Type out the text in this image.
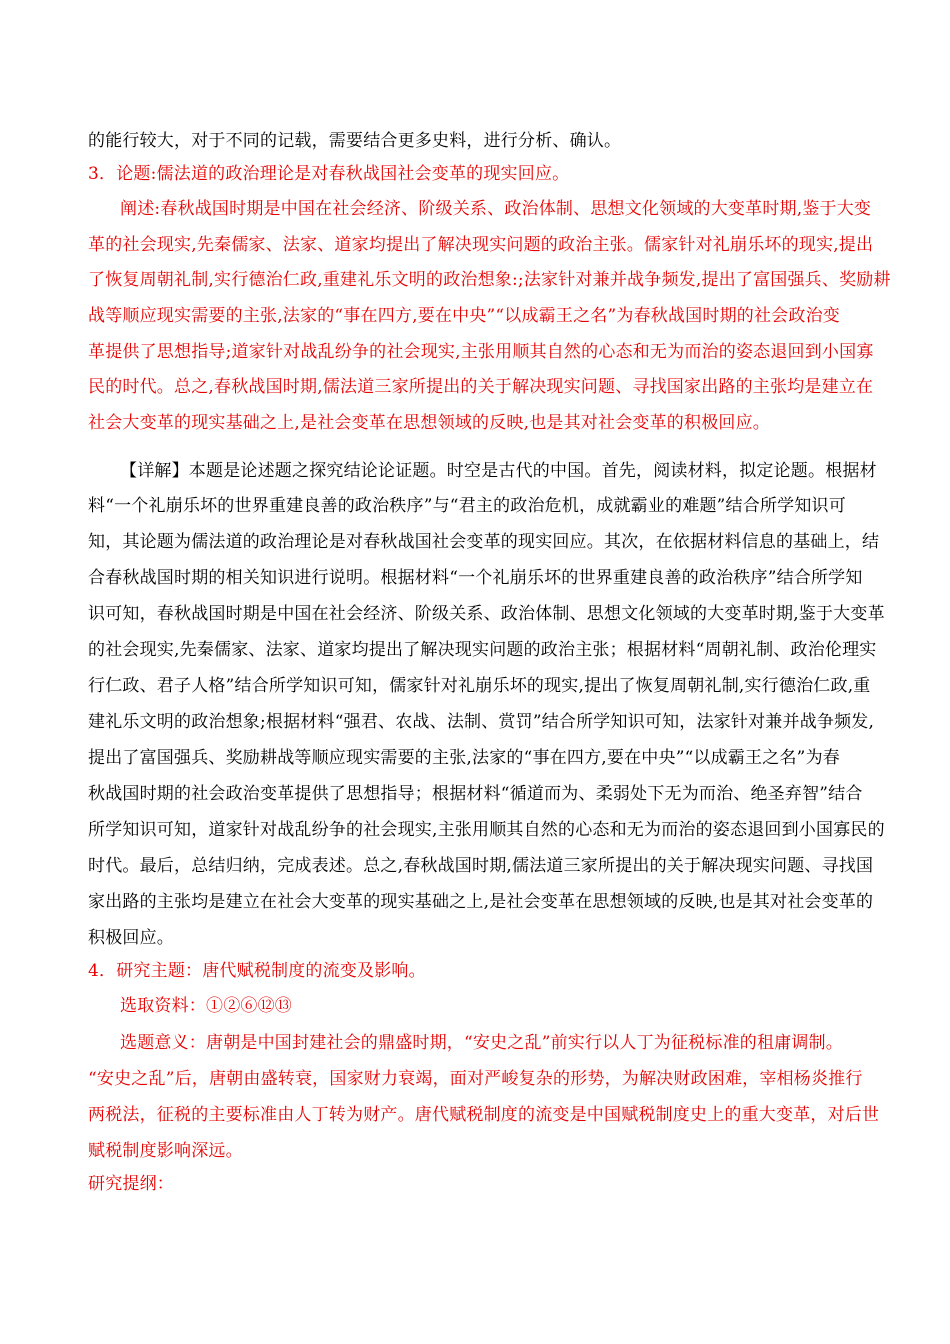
的能行较大，对于不同的记载，需要结合更多史料，进行分析、确认。
3．论题:儒法道的政治理论是对春秋战国社会变革的现实回应。
阐述:春秋战国时期是中国在社会经济、阶级关系、政治体制、思想文化领域的大变革时期,鉴于大变
革的社会现实,先秦儒家、法家、道家均提出了解决现实问题的政治主张。儒家针对礼崩乐坏的现实,提出
了恢复周朝礼制,实行德治仁政,重建礼乐文明的政治想象:;法家针对兼并战争频发,提出了富国强兵、奖励耕
战等顺应现实需要的主张,法家的“事在四方,要在中央”“以成霸王之名”为春秋战国时期的社会政治变
革提供了思想指导;道家针对战乱纷争的社会现实,主张用顺其自然的心态和无为而治的姿态退回到小国寡
民的时代。总之,春秋战国时期,儒法道三家所提出的关于解决现实问题、寻找国家出路的主张均是建立在
社会大变革的现实基础之上,是社会变革在思想领域的反映,也是其对社会变革的积极回应。
【详解】本题是论述题之探究结论论证题。时空是古代的中国。首先，阅读材料，拟定论题。根据材
料“一个礼崩乐坏的世界重建良善的政治秩序”与“君主的政治危机，成就霸业的难题”结合所学知识可
知，其论题为儒法道的政治理论是对春秋战国社会变革的现实回应。其次，在依据材料信息的基础上，结
合春秋战国时期的相关知识进行说明。根据材料“一个礼崩乐坏的世界重建良善的政治秩序”结合所学知
识可知，春秋战国时期是中国在社会经济、阶级关系、政治体制、思想文化领域的大变革时期,鉴于大变革
的社会现实,先秦儒家、法家、道家均提出了解决现实问题的政治主张；根据材料“周朝礼制、政治伦理实
行仁政、君子人格”结合所学知识可知，儒家针对礼崩乐坏的现实,提出了恢复周朝礼制,实行德治仁政,重
建礼乐文明的政治想象;根据材料“强君、农战、法制、赏罚”结合所学知识可知，法家针对兼并战争频发,
提出了富国强兵、奖励耕战等顺应现实需要的主张,法家的“事在四方,要在中央”“以成霸王之名”为春
秋战国时期的社会政治变革提供了思想指导；根据材料“循道而为、柔弱处下无为而治、绝圣弃智”结合
所学知识可知，道家针对战乱纷争的社会现实,主张用顺其自然的心态和无为而治的姿态退回到小国寡民的
时代。最后，总结归纳，完成表述。总之,春秋战国时期,儒法道三家所提出的关于解决现实问题、寻找国
家出路的主张均是建立在社会大变革的现实基础之上,是社会变革在思想领域的反映,也是其对社会变革的
积极回应。
4．研究主题：唐代赋税制度的流变及影响。
选取资料：①②⑥⑫⑬
选题意义：唐朝是中国封建社会的鼎盛时期，“安史之乱”前实行以人丁为征税标准的租庸调制。
“安史之乱”后，唐朝由盛转衰，国家财力衰竭，面对严峻复杂的形势，为解决财政困难，宰相杨炎推行
两税法，征税的主要标准由人丁转为财产。唐代赋税制度的流变是中国赋税制度史上的重大变革，对后世
赋税制度影响深远。
研究提纲：
